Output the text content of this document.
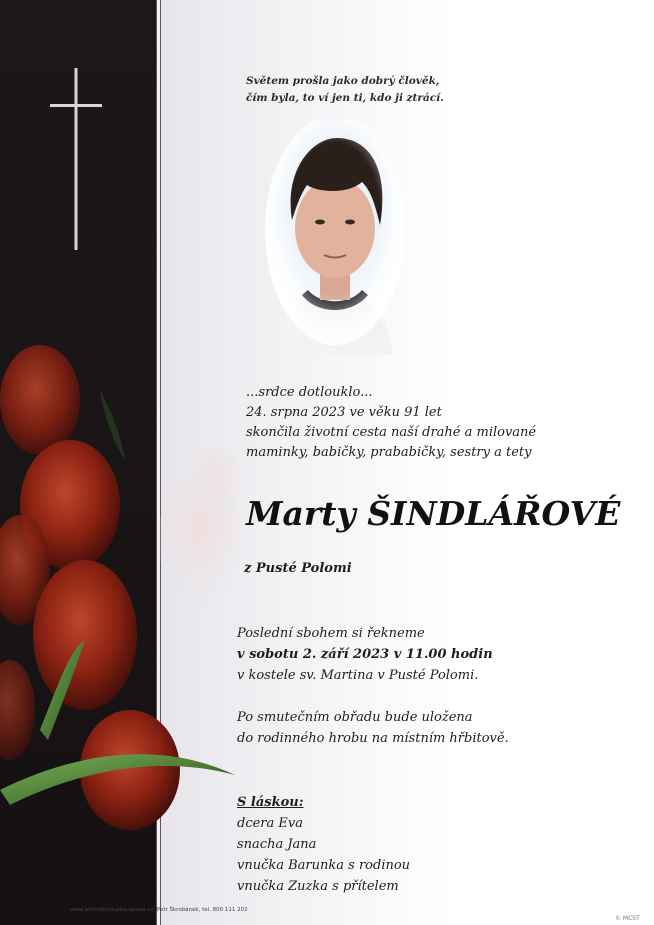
Světem prošla jako dobrý člověk,
čím byla, to ví jen ti, kdo ji ztrácí.
...srdce dotlouklo...
24. srpna 2023 ve věku 91 let
skončila životní cesta naší drahé a milované
maminky, babičky, prababičky, sestry a tety
Marty ŠINDLÁŘOVÉ
z Pusté Polomi
Poslední sbohem si řekneme
v sobotu 2. září 2023 v 11.00 hodin
v kostele sv. Martina v Pusté Polomi.
Po smutečním obřadu bude uložena
do rodinného hrobu na místním hřbitově.
S láskou:
dcera Eva
snacha Jana
vnučka Barunka s rodinou
vnučka Zuzka s přítelem
www.pohrebnisluzba-opava.cz, Petr Škrobánek, tel. 800 111 202
© MCST
